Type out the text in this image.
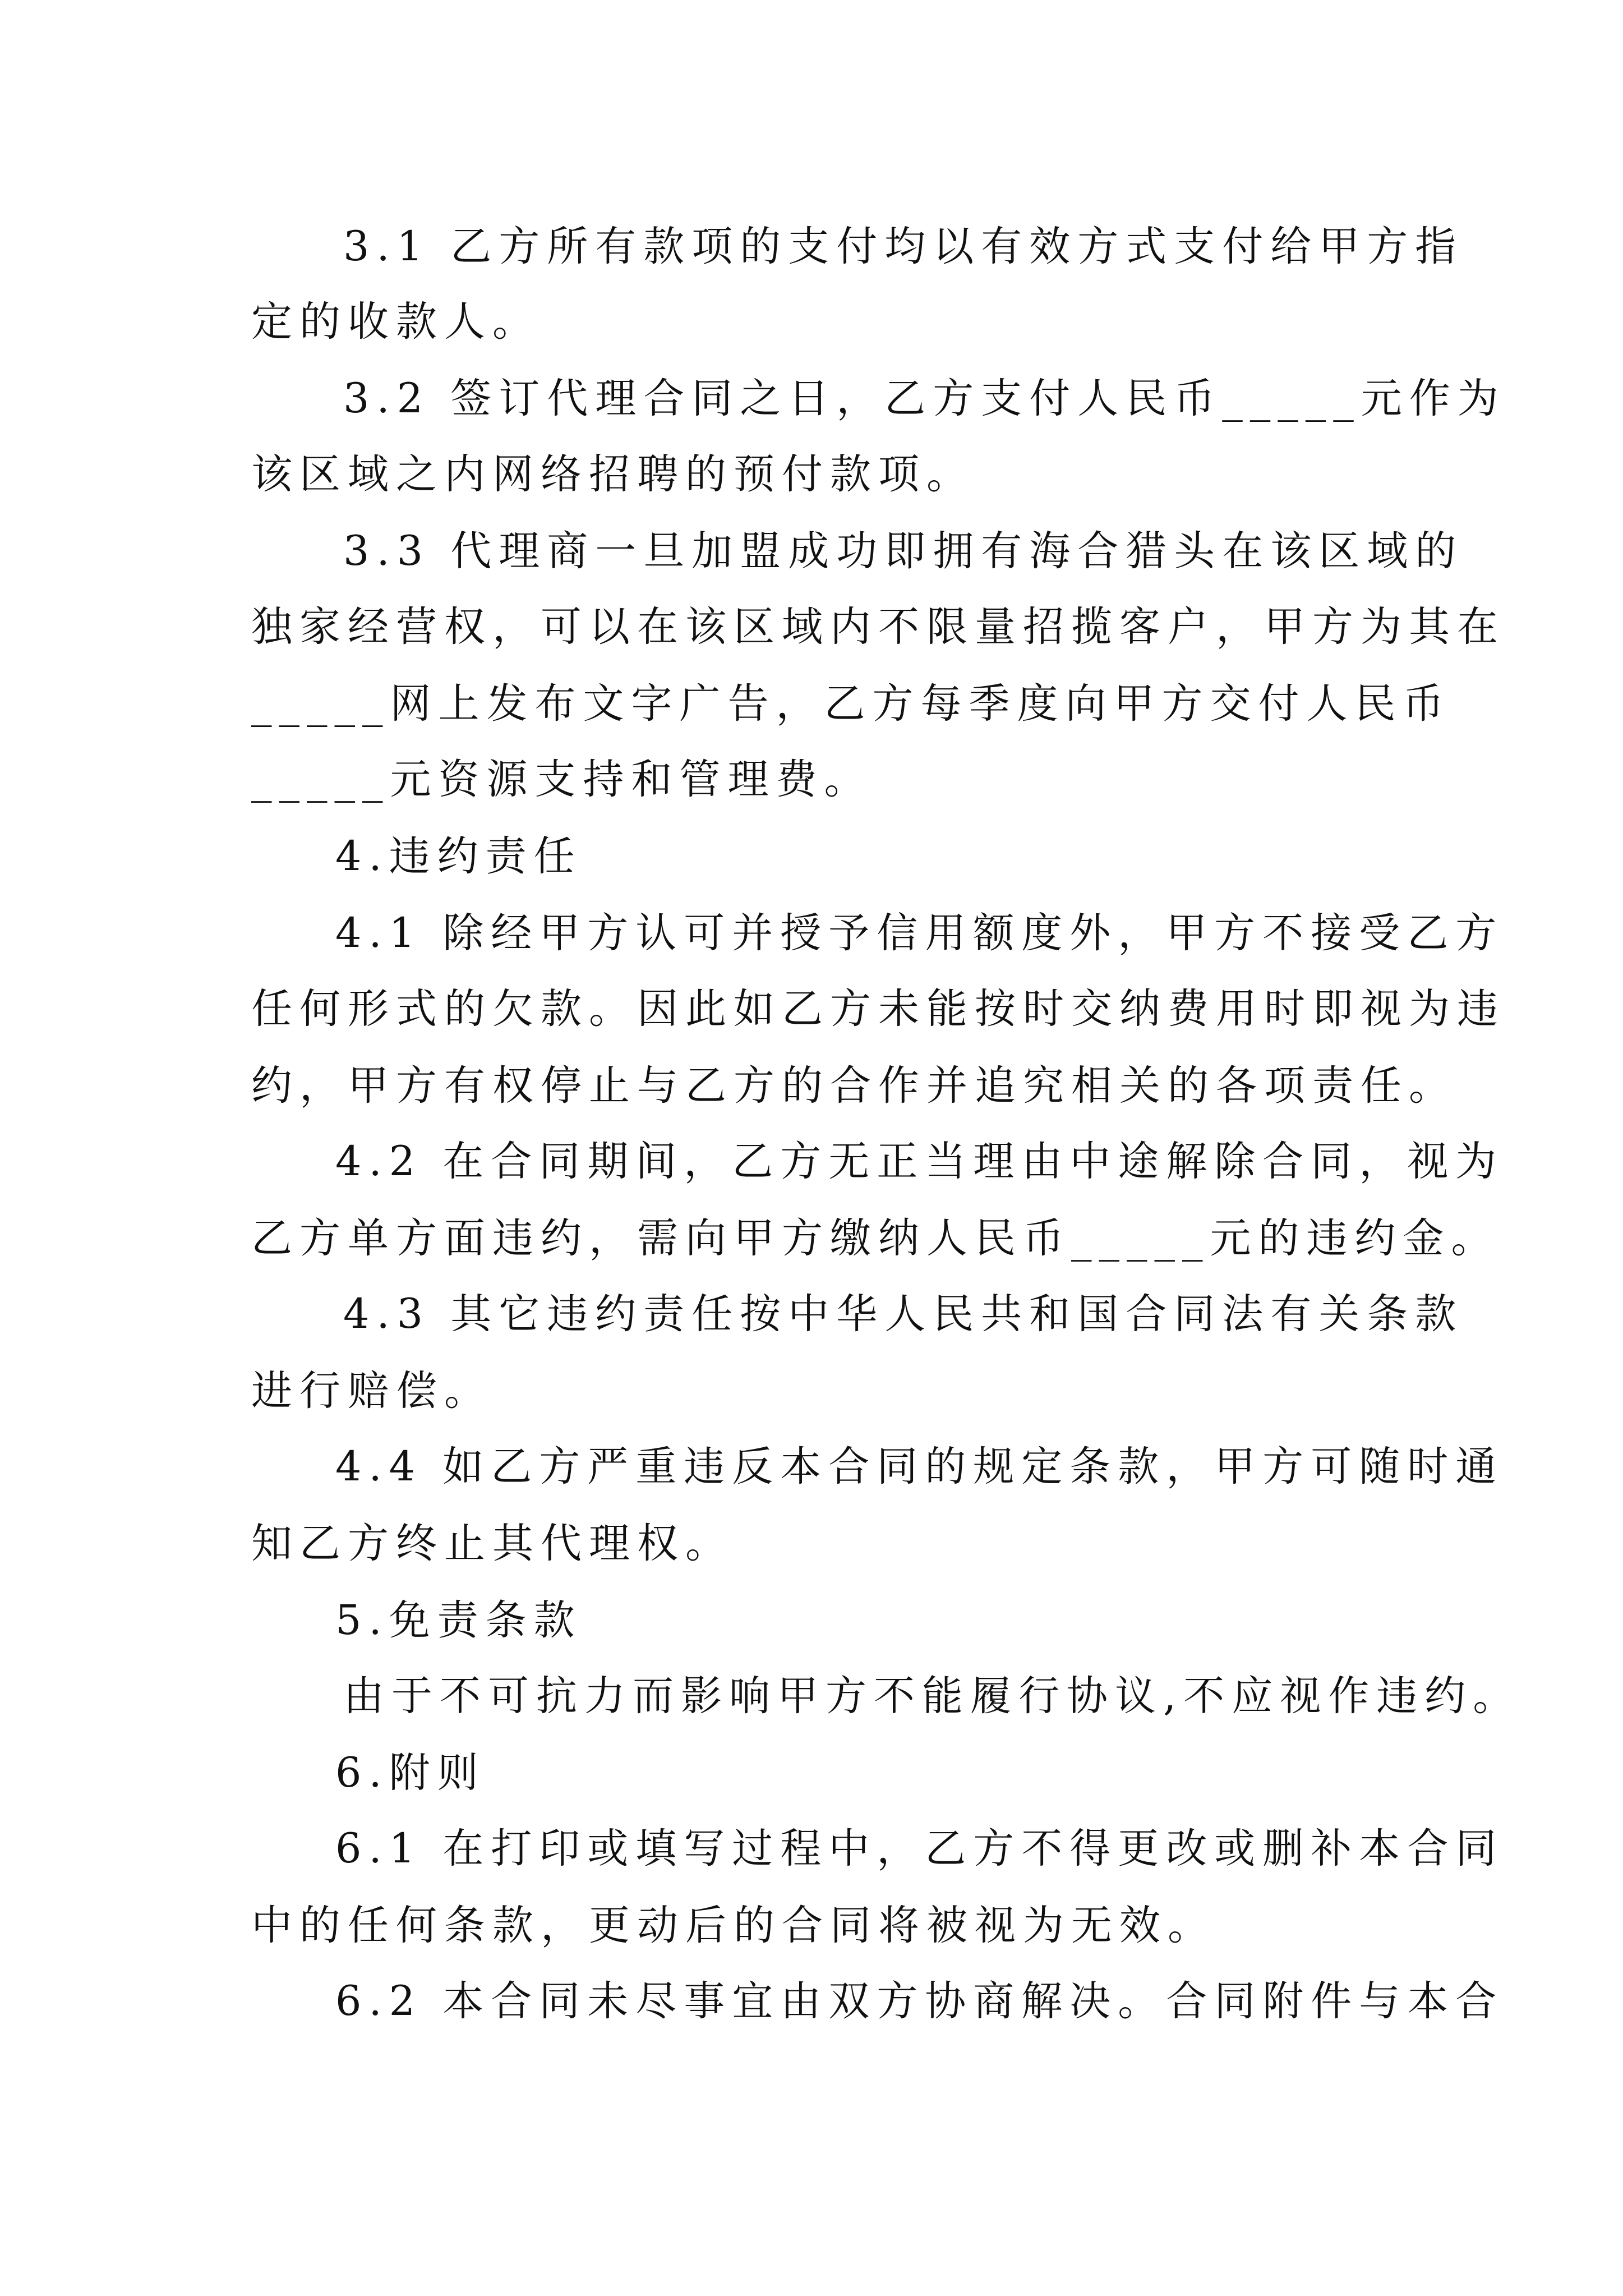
3.1 乙方所有款项的支付均以有效方式支付给甲方指
定的收款人。
3.2 签订代理合同之日，乙方支付人民币_____元作为
该区域之内网络招聘的预付款项。
3.3 代理商一旦加盟成功即拥有海合猎头在该区域的
独家经营权，可以在该区域内不限量招揽客户，甲方为其在
_____网上发布文字广告，乙方每季度向甲方交付人民币
_____元资源支持和管理费。
4.违约责任
4.1 除经甲方认可并授予信用额度外，甲方不接受乙方
任何形式的欠款。因此如乙方未能按时交纳费用时即视为违
约，甲方有权停止与乙方的合作并追究相关的各项责任。
4.2 在合同期间，乙方无正当理由中途解除合同，视为
乙方单方面违约，需向甲方缴纳人民币_____元的违约金。
4.3 其它违约责任按中华人民共和国合同法有关条款
进行赔偿。
4.4 如乙方严重违反本合同的规定条款，甲方可随时通
知乙方终止其代理权。
5.免责条款
由于不可抗力而影响甲方不能履行协议,不应视作违约。
6.附则
6.1 在打印或填写过程中，乙方不得更改或删补本合同
中的任何条款，更动后的合同将被视为无效。
6.2 本合同未尽事宜由双方协商解决。合同附件与本合
